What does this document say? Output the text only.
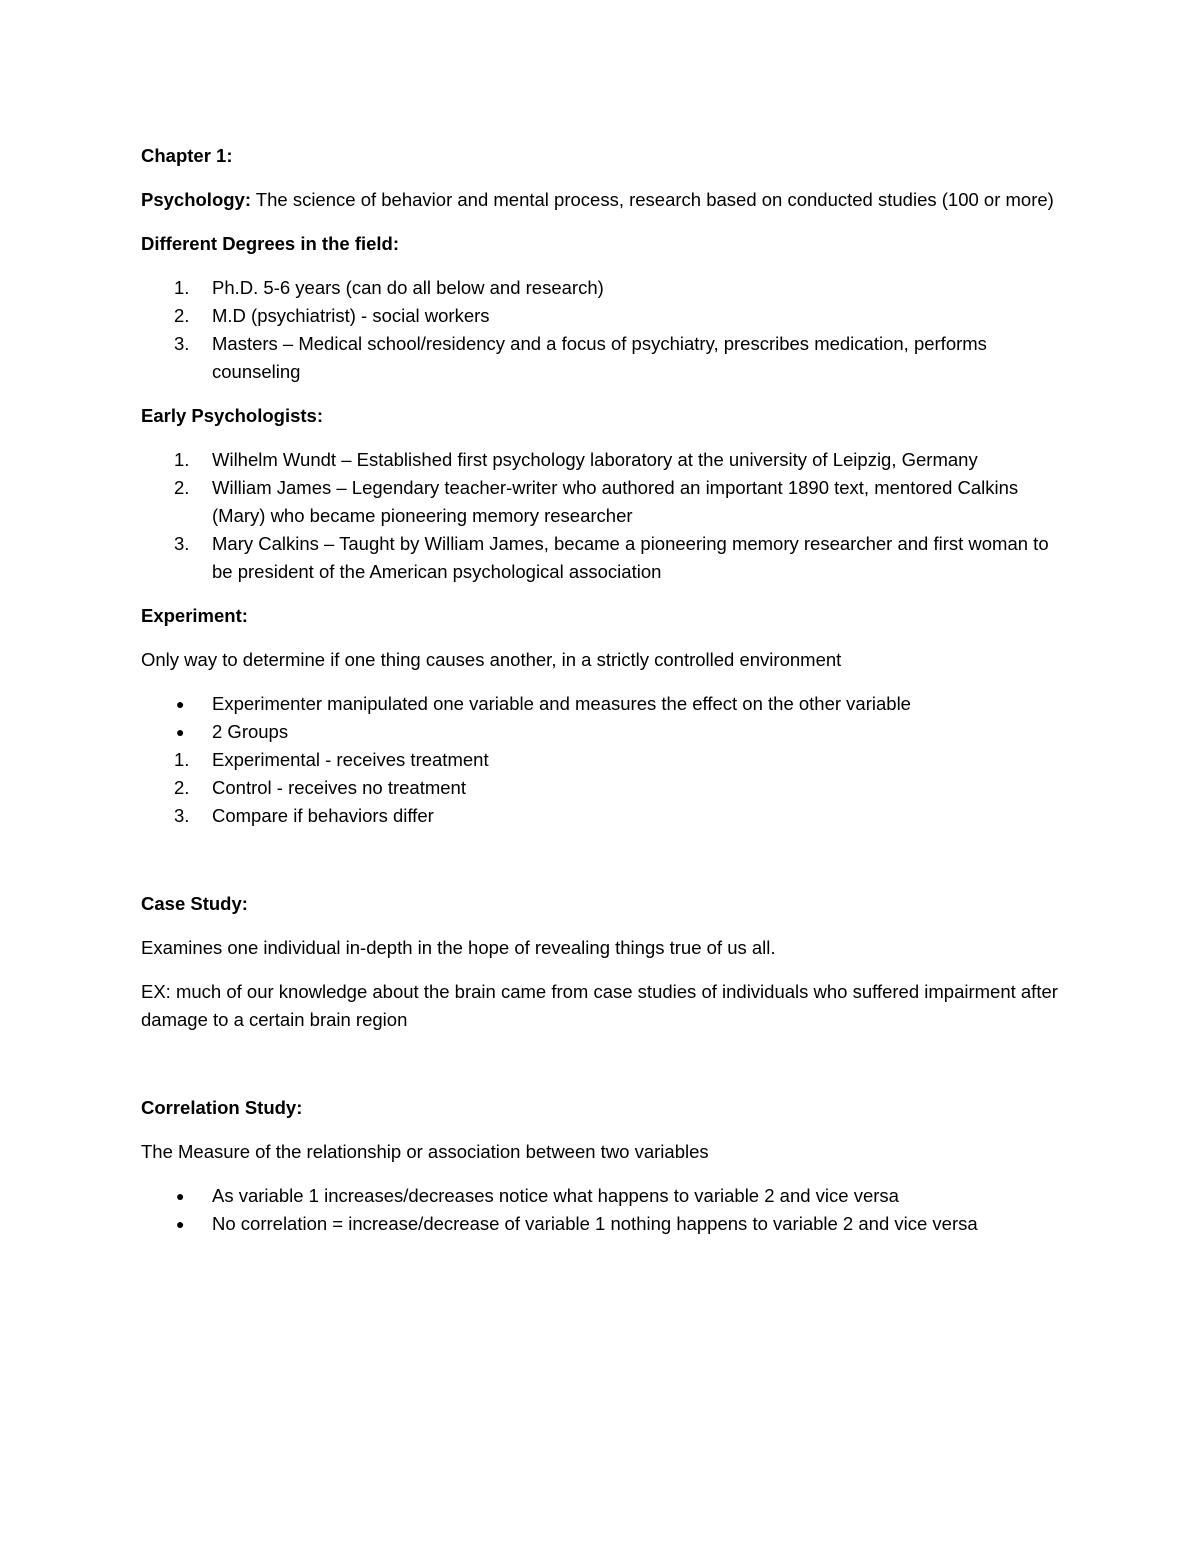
Chapter 1:
Psychology: The science of behavior and mental process, research based on conducted studies (100 or more)
Different Degrees in the field:
1. Ph.D. 5-6 years (can do all below and research)
2. M.D (psychiatrist) - social workers
3. Masters – Medical school/residency and a focus of psychiatry, prescribes medication, performs counseling
Early Psychologists:
1. Wilhelm Wundt – Established first psychology laboratory at the university of Leipzig, Germany
2. William James – Legendary teacher-writer who authored an important 1890 text, mentored Calkins (Mary) who became pioneering memory researcher
3. Mary Calkins – Taught by William James, became a pioneering memory researcher and first woman to be president of the American psychological association
Experiment:
Only way to determine if one thing causes another, in a strictly controlled environment
● Experimenter manipulated one variable and measures the effect on the other variable
● 2 Groups
1. Experimental - receives treatment
2. Control - receives no treatment
3. Compare if behaviors differ
Case Study:
Examines one individual in-depth in the hope of revealing things true of us all.
EX: much of our knowledge about the brain came from case studies of individuals who suffered impairment after damage to a certain brain region
Correlation Study:
The Measure of the relationship or association between two variables
● As variable 1 increases/decreases notice what happens to variable 2 and vice versa
● No correlation = increase/decrease of variable 1 nothing happens to variable 2 and vice versa
